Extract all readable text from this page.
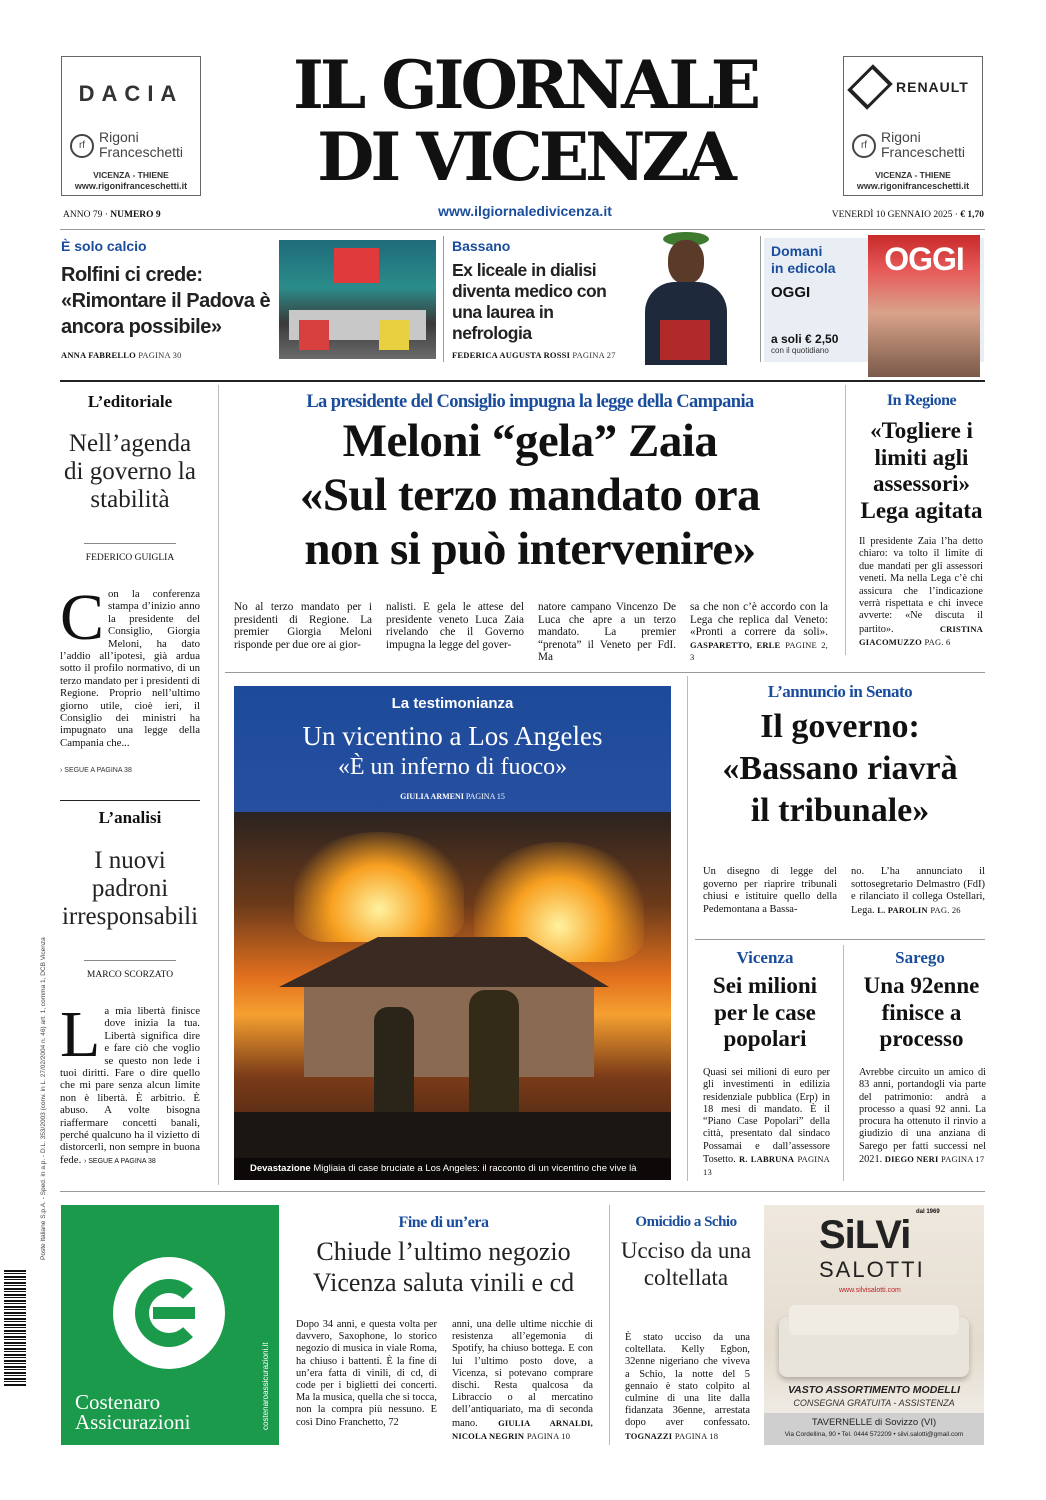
DACIA
rf
Rigoni
Franceschetti
VICENZA - THIENE
www.rigonifranceschetti.it
IL GIORNALE
DI VICENZA
www.ilgiornaledivicenza.it
RENAULT
rf
Rigoni
Franceschetti
VICENZA - THIENE
www.rigonifranceschetti.it
ANNO 79 · NUMERO 9	VENERDÌ 10 GENNAIO 2025 · € 1,70
È solo calcio
Rolfini ci crede: «Rimontare il Padova è ancora possibile»
ANNA FABRELLO PAGINA 30
Bassano
Ex liceale in dialisi diventa medico con una laurea in nefrologia
FEDERICA AUGUSTA ROSSI PAGINA 27
Domani
in edicola
OGGI
a soli € 2,50
con il quotidiano
OGGI
L’editoriale
Nell’agenda di governo la stabilità
FEDERICO GUIGLIA
Con la conferenza stampa d’inizio anno la presidente del Consiglio, Giorgia Meloni, ha dato l’addio all’ipotesi, già ardua sotto il profilo normativo, di un terzo mandato per i presidenti di Regione. Proprio nell’ultimo giorno utile, cioè ieri, il Consiglio dei ministri ha impugnato una legge della Campania che...
› SEGUE A PAGINA 38
L’analisi
I nuovi padroni irresponsabili
MARCO SCORZATO
La mia libertà finisce dove inizia la tua. Libertà significa dire e fare ciò che voglio se questo non lede i tuoi diritti. Fare o dire quello che mi pare senza alcun limite non è libertà. È arbitrio. È abuso. A volte bisogna riaffermare concetti banali, perché qualcuno ha il vizietto di distorcerli, non sempre in buona fede. › SEGUE A PAGINA 38
Poste Italiane S.p.A. - Sped. in a.p. - D.L. 353/2003 (conv. in L. 27/02/2004 n. 46) art. 1, comma 1, DCB Vicenza
La presidente del Consiglio impugna la legge della Campania
Meloni “gela” Zaia
«Sul terzo mandato ora
non si può intervenire»
No al terzo mandato per i presidenti di Regione. La premier Giorgia Meloni risponde per due ore ai gior-
nalisti. E gela le attese del presidente veneto Luca Zaia rivelando che il Governo impugna la legge del gover-
natore campano Vincenzo De Luca che apre a un terzo mandato. La premier “prenota” il Veneto per FdI. Ma
sa che non c’è accordo con la Lega che replica dal Veneto: «Pronti a correre da soli». GASPARETTO, ERLE PAGINE 2, 3
In Regione
«Togliere i limiti agli assessori» Lega agitata
Il presidente Zaia l’ha detto chiaro: va tolto il limite di due mandati per gli assessori veneti. Ma nella Lega c’è chi assicura che l’indicazione verrà rispettata e chi invece avverte: «Ne discuta il partito».	CRISTINA GIACOMUZZO PAG. 6
La testimonianza
Un vicentino a Los Angeles
«È un inferno di fuoco»
GIULIA ARMENI PAGINA 15
Devastazione Migliaia di case bruciate a Los Angeles: il racconto di un vicentino che vive là
L’annuncio in Senato
Il governo:
«Bassano riavrà
il tribunale»
Un disegno di legge del governo per riaprire tribunali chiusi e istituire quello della Pedemontana a Bassa-
no. L’ha annunciato il sottosegretario Delmastro (FdI) e rilanciato il collega Ostellari, Lega. L. PAROLIN PAG. 26
Vicenza
Sei milioni per le case popolari
Quasi sei milioni di euro per gli investimenti in edilizia residenziale pubblica (Erp) in 18 mesi di mandato. È il “Piano Case Popolari” della città, presentato dal sindaco Possamai e dall’assessore Tosetto. R. LABRUNA PAGINA 13
Sarego
Una 92enne finisce a processo
Avrebbe circuito un amico di 83 anni, portandogli via parte del patrimonio: andrà a processo a quasi 92 anni. La procura ha ottenuto il rinvio a giudizio di una anziana di Sarego per fatti successi nel 2021. DIEGO NERI PAGINA 17
Costenaro
Assicurazioni	costenaroassicurazioni.it
Fine di un’era
Chiude l’ultimo negozio
Vicenza saluta vinili e cd
Dopo 34 anni, e questa volta per davvero, Saxophone, lo storico negozio di musica in viale Roma, ha chiuso i battenti. È la fine di un’era fatta di vinili, di cd, di code per i biglietti dei concerti. Ma la musica, quella che si tocca, non la compra più nessuno. E così Dino Franchetto, 72
anni, una delle ultime nicchie di resistenza all’egemonia di Spotify, ha chiuso bottega. E con lui l’ultimo posto dove, a Vicenza, si potevano comprare dischi. Resta qualcosa da Libraccio o al mercatino dell’antiquariato, ma di seconda mano. GIULIA ARNALDI, NICOLA NEGRIN PAGINA 10
Omicidio a Schio
Ucciso da una coltellata
È stato ucciso da una coltellata. Kelly Egbon, 32enne nigeriano che viveva a Schio, la notte del 5 gennaio è stato colpito al culmine di una lite dalla fidanzata 36enne, arrestata dopo aver confessato. TOGNAZZI PAGINA 18
dal 1969
SiLVi
SALOTTI
www.silvisalotti.com
VASTO ASSORTIMENTO MODELLI
CONSEGNA GRATUITA - ASSISTENZA
TAVERNELLE di Sovizzo (VI)
Via Cordellina, 90 • Tel. 0444 572209 • silvi.salotti@gmail.com
